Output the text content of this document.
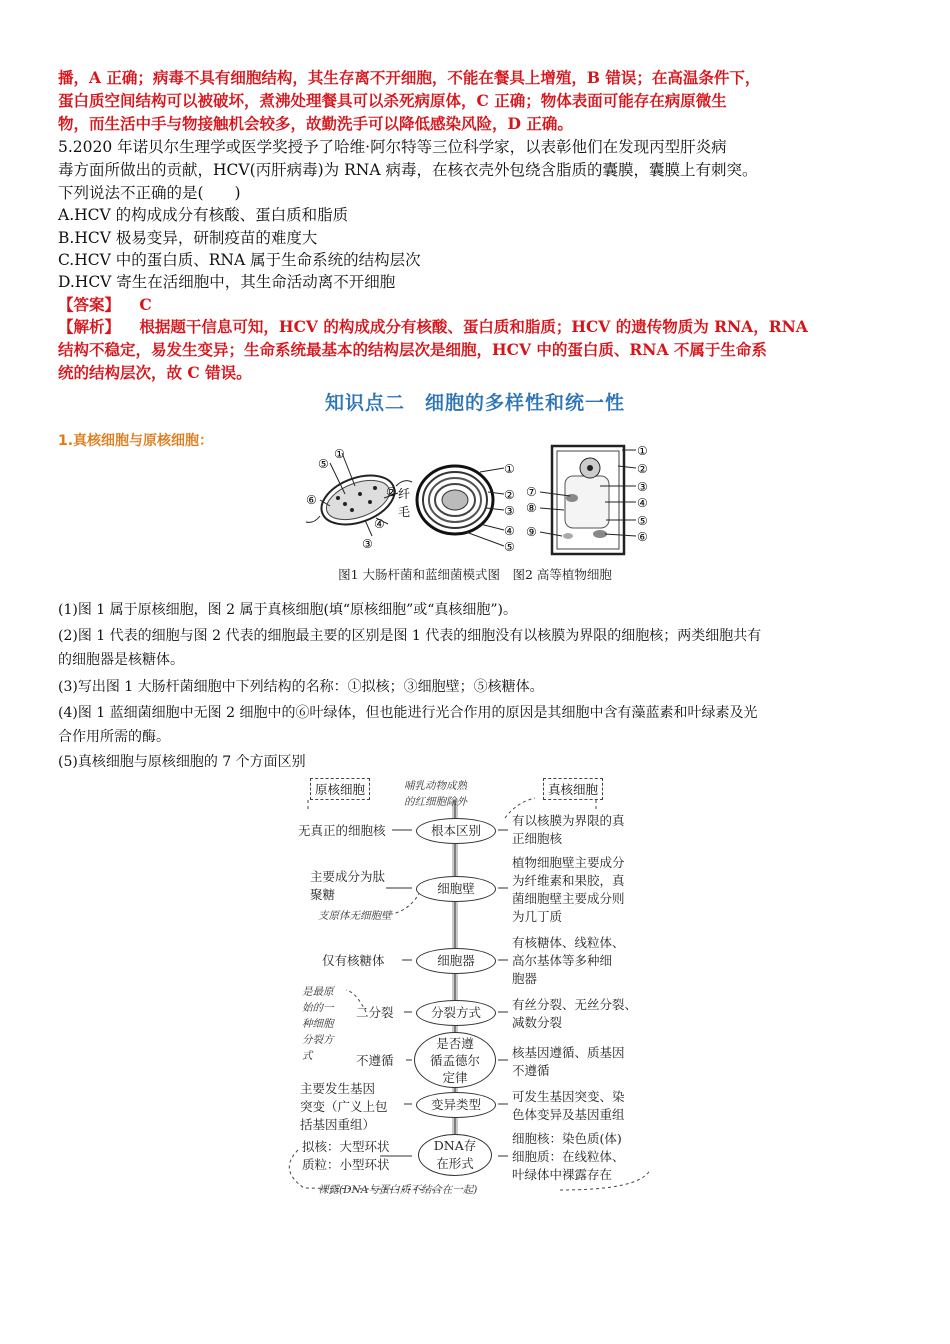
播，A 正确；病毒不具有细胞结构，其生存离不开细胞，不能在餐具上增殖，B 错误；在高温条件下，
蛋白质空间结构可以被破坏，煮沸处理餐具可以杀死病原体，C 正确；物体表面可能存在病原微生
物，而生活中手与物接触机会较多，故勤洗手可以降低感染风险，D 正确。
5.2020 年诺贝尔生理学或医学奖授予了哈维·阿尔特等三位科学家，以表彰他们在发现丙型肝炎病
毒方面所做出的贡献，HCV(丙肝病毒)为 RNA 病毒，在核衣壳外包绕含脂质的囊膜，囊膜上有刺突。
下列说法不正确的是(　　)
A.HCV 的构成成分有核酸、蛋白质和脂质
B.HCV 极易变异，研制疫苗的难度大
C.HCV 中的蛋白质、RNA 属于生命系统的结构层次
D.HCV 寄生在活细胞中，其生命活动离不开细胞
【答案】 C
【解析】 根据题干信息可知，HCV 的构成成分有核酸、蛋白质和脂质；HCV 的遗传物质为 RNA，RNA
结构不稳定，易发生变异；生命系统最基本的结构层次是细胞，HCV 中的蛋白质、RNA 不属于生命系
统的结构层次，故 C 错误。
知识点二　细胞的多样性和统一性
1.真核细胞与原核细胞：
⑤
①
⑥
② 纤
毛
④
③
①
②
③
④
⑤
①
②
③
④
⑤
⑥
⑦
⑧
⑨
图1 大肠杆菌和蓝细菌模式图　图2 高等植物细胞
(1)图 1 属于原核细胞，图 2 属于真核细胞(填“原核细胞”或“真核细胞”)。
(2)图 1 代表的细胞与图 2 代表的细胞最主要的区别是图 1 代表的细胞没有以核膜为界限的细胞核；两类细胞共有
的细胞器是核糖体。
(3)写出图 1 大肠杆菌细胞中下列结构的名称：①拟核；③细胞壁；⑤核糖体。
(4)图 1 蓝细菌细胞中无图 2 细胞中的⑥叶绿体，但也能进行光合作用的原因是其细胞中含有藻蓝素和叶绿素及光
合作用所需的酶。
(5)真核细胞与原核细胞的 7 个方面区别
原核细胞	真核细胞
哺乳动物成熟
的红细胞除外
根本区别
细胞壁
细胞器
分裂方式
是否遵
循孟德尔
定律
变异类型
DNA存
在形式
无真正的细胞核
主要成分为肽
聚糖
支原体无细胞壁
仅有核糖体
是最原
始的一
种细胞
分裂方
式
二分裂
不遵循
主要发生基因
突变（广义上包
括基因重组）
拟核：大型环状
质粒：小型环状
裸露(DNA与蛋白质不结合在一起)
有以核膜为界限的真
正细胞核
植物细胞壁主要成分
为纤维素和果胶，真
菌细胞壁主要成分则
为几丁质
有核糖体、线粒体、
高尔基体等多种细
胞器
有丝分裂、无丝分裂、
减数分裂
核基因遵循、质基因
不遵循
可发生基因突变、染
色体变异及基因重组
细胞核：染色质(体)
细胞质：在线粒体、
叶绿体中裸露存在
